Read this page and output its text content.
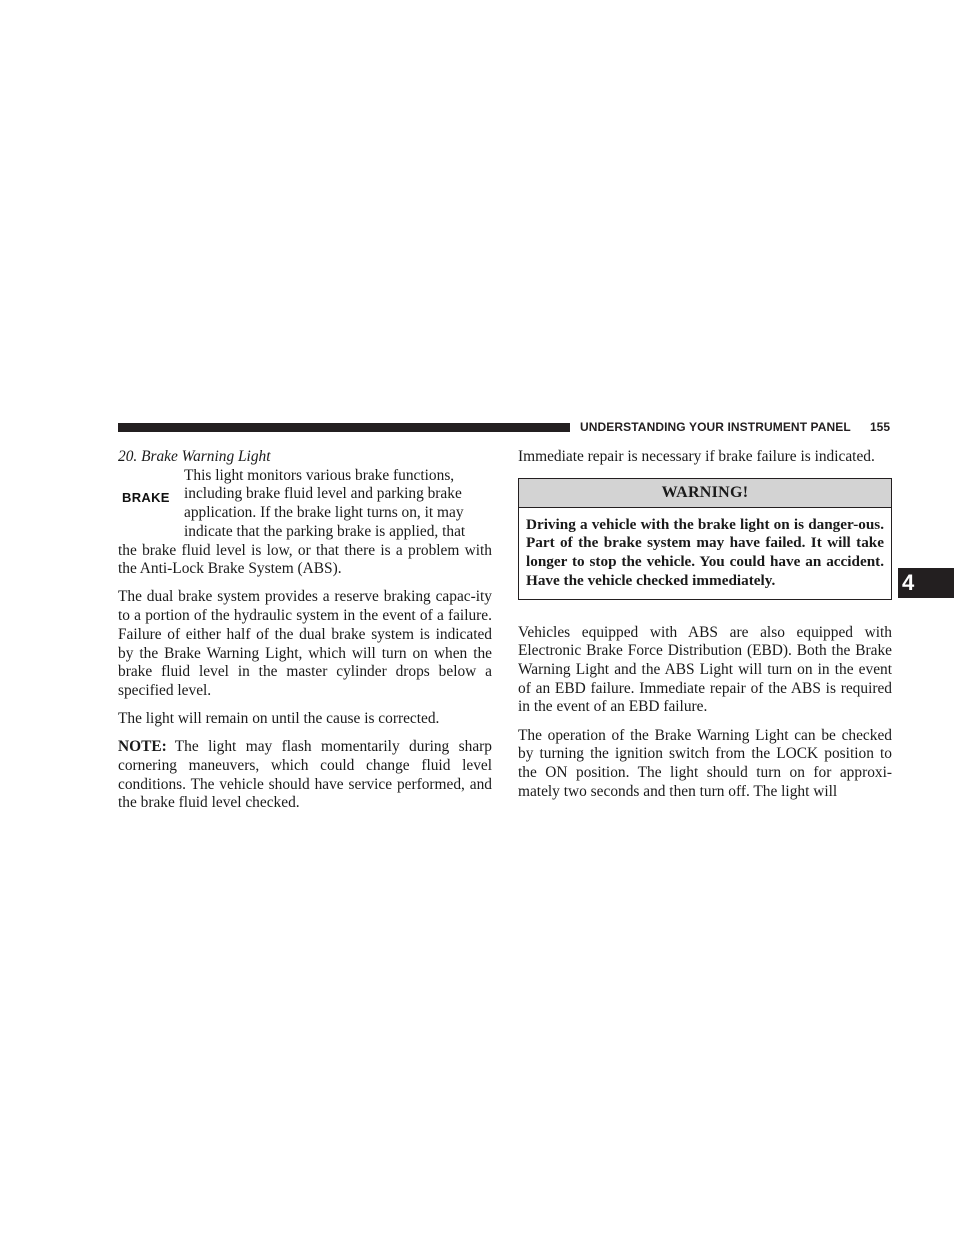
UNDERSTANDING YOUR INSTRUMENT PANEL 155
4

20. Brake Warning Light

BRAKE

This light monitors various brake functions,
including brake fluid level and parking brake
application. If the brake light turns on, it may
indicate that the parking brake is applied, that
the brake fluid level is low, or that there is a problem with the Anti-Lock Brake System (ABS).

The dual brake system provides a reserve braking capac-ity to a portion of the hydraulic system in the event of a failure. Failure of either half of the dual brake system is indicated by the Brake Warning Light, which will turn on when the brake fluid level in the master cylinder drops below a specified level.

The light will remain on until the cause is corrected.

NOTE: The light may flash momentarily during sharp cornering maneuvers, which could change fluid level conditions. The vehicle should have service performed, and the brake fluid level checked.

Immediate repair is necessary if brake failure is indicated.

WARNING!
Driving a vehicle with the brake light on is danger-ous. Part of the brake system may have failed. It will take longer to stop the vehicle. You could have an accident. Have the vehicle checked immediately.

Vehicles equipped with ABS are also equipped with Electronic Brake Force Distribution (EBD). Both the Brake Warning Light and the ABS Light will turn on in the event of an EBD failure. Immediate repair of the ABS is required in the event of an EBD failure.

The operation of the Brake Warning Light can be checked by turning the ignition switch from the LOCK position to the ON position. The light should turn on for approxi-mately two seconds and then turn off. The light will
